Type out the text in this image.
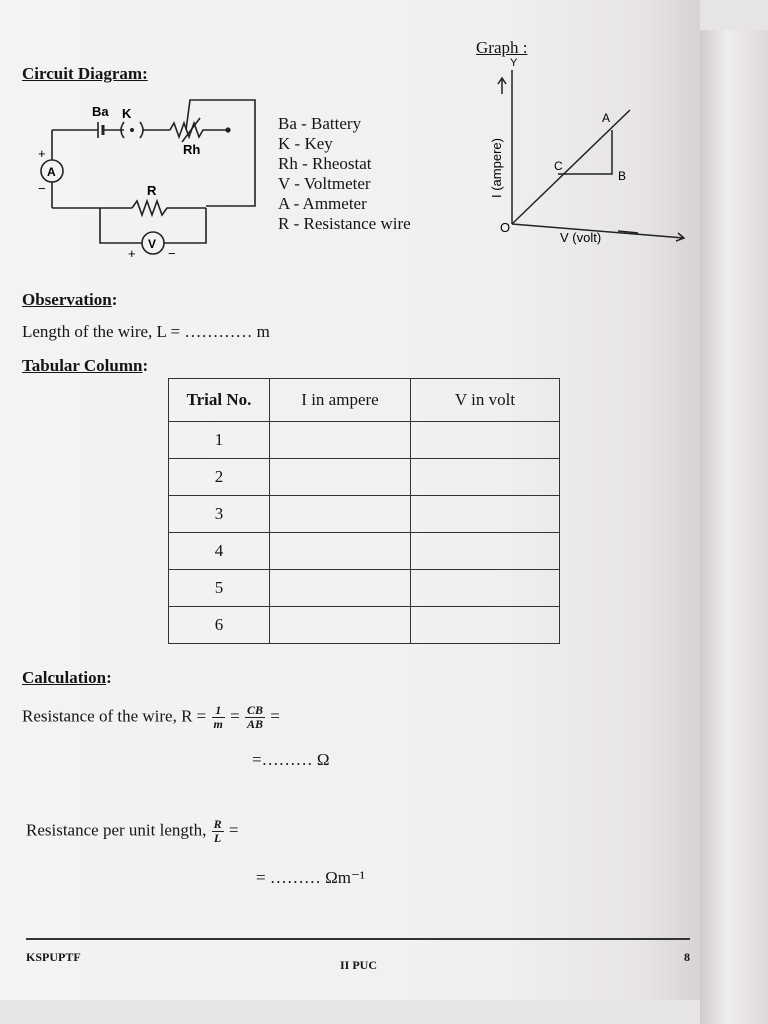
Circuit Diagram:
Ba K
Rh
R
A
V
+
−
+ −
Ba - Battery
K - Key
Rh - Rheostat
V - Voltmeter
A - Ammeter
R - Resistance wire
Graph :
Y
I (ampere)
O
A
B
C
V (volt)
Observation:
Length of the wire, L = ………… m
Tabular Column:
Trial No.	I in ampere	V in volt
1		
2		
3		
4		
5		
6		
Calculation:
Resistance of the wire, $R = \frac{1}{m} = \frac{CB}{AB}$ =
=……… Ω
Resistance per unit length, $\frac{R}{L}$ =
= ……… Ωm⁻¹
KSPUPTF
II PUC
8
